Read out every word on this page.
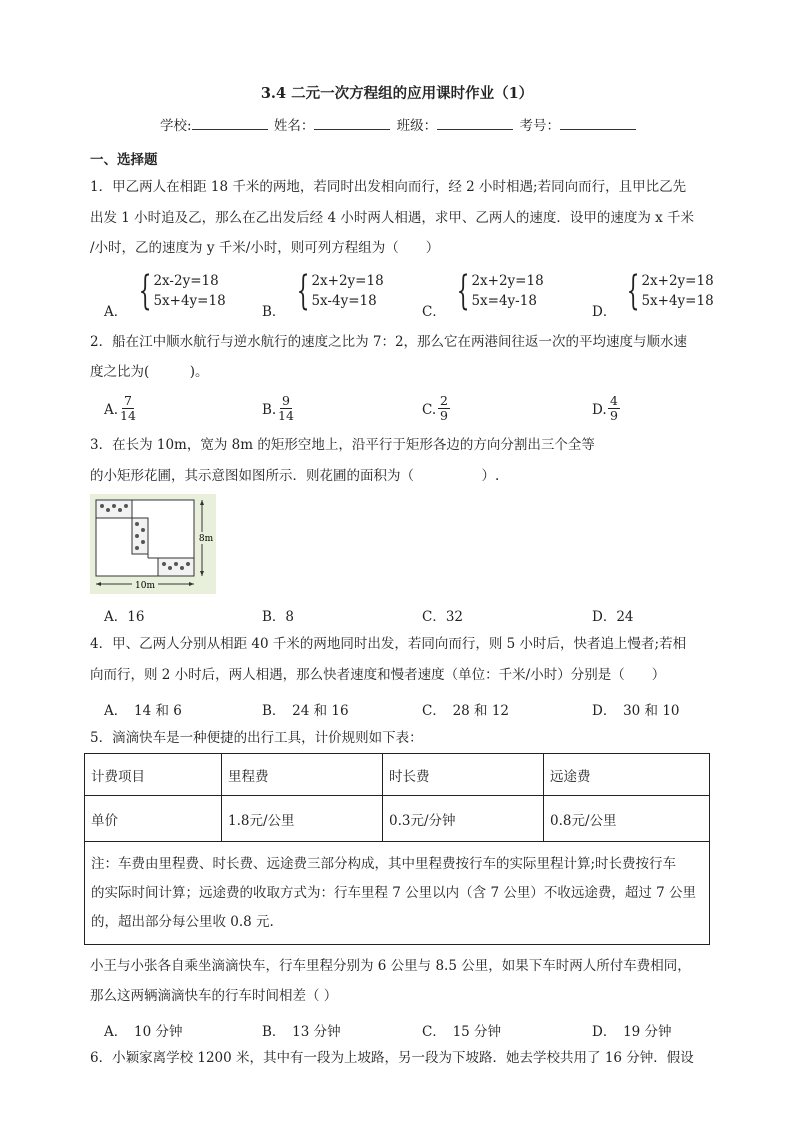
3.4 二元一次方程组的应用课时作业（1）
学校:	姓名：	班级：	考号：
一、选择题
1．甲乙两人在相距 18 千米的两地，若同时出发相向而行，经 2 小时相遇;若同向而行，且甲比乙先
出发 1 小时追及乙，那么在乙出发后经 4 小时两人相遇，求甲、乙两人的速度．设甲的速度为 x 千米
/小时，乙的速度为 y 千米/小时，则可列方程组为（　　）
A． { 2x-2y=18
5x+4y=18
B． { 2x+2y=18
5x-4y=18
C． { 2x+2y=18
5x=4y-18
D． { 2x+2y=18
5x+4y=18
2．船在江中顺水航行与逆水航行的速度之比为 7：2，那么它在两港间往返一次的平均速度与顺水速
度之比为(　　　)。
A. $\frac{7}{14}$	B. $\frac{9}{14}$	C. $\frac{2}{9}$	D. $\frac{4}{9}$
3．在长为 10m，宽为 8m 的矩形空地上，沿平行于矩形各边的方向分割出三个全等
的小矩形花圃，其示意图如图所示．则花圃的面积为（　　　　　）.
10m
8m
A．16	B．8	C．32	D．24
4．甲、乙两人分别从相距 40 千米的两地同时出发，若同向而行，则 5 小时后，快者追上慢者;若相
向而行，则 2 小时后，两人相遇，那么快者速度和慢者速度（单位：千米/小时）分别是（　　）
A．　14 和 6	B．　24 和 16	C．　28 和 12	D．　30 和 10
5．滴滴快车是一种便捷的出行工具，计价规则如下表：
计费项目	里程费	时长费	远途费
单价	1.8元/公里	0.3元/分钟	0.8元/公里

注：车费由里程费、时长费、远途费三部分构成，其中里程费按行车的实际里程计算;时长费按行车
的实际时间计算；远途费的收取方式为：行车里程 7 公里以内（含 7 公里）不收远途费，超过 7 公里
的，超出部分每公里收 0.8 元.			
小王与小张各自乘坐滴滴快车，行车里程分别为 6 公里与 8.5 公里，如果下车时两人所付车费相同，
那么这两辆滴滴快车的行车时间相差（ ）
A．　10 分钟	B．　13 分钟	C．　15 分钟	D．　19 分钟
6．小颖家离学校 1200 米，其中有一段为上坡路，另一段为下坡路．她去学校共用了 16 分钟．假设
